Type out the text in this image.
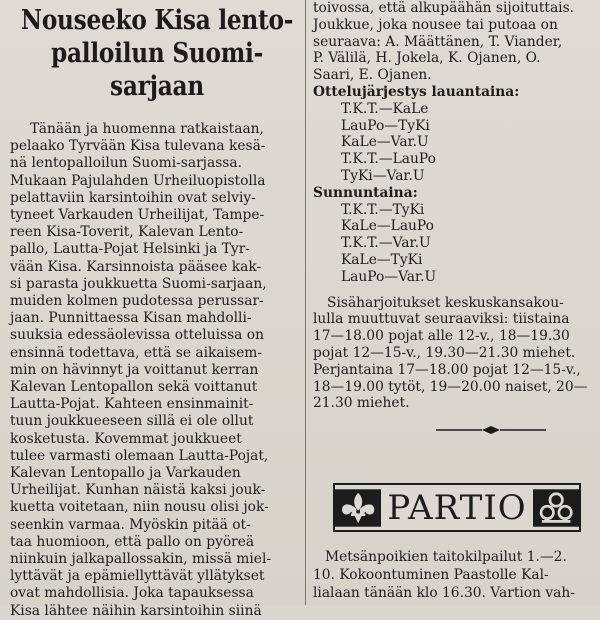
Nouseeko Kisa lento-
palloilun Suomi-sarjaan

Tänään ja huomenna ratkaistaan,

pelaako Tyrvään Kisa tulevana kesä-

nä lentopalloilun Suomi-sarjassa.

Mukaan Pajulahden Urheiluopistolla

pelattaviin karsintoihin ovat selviy-

tyneet Varkauden Urheilijat, Tampe-

reen Kisa-Toverit, Kalevan Lento-

pallo, Lautta-Pojat Helsinki ja Tyr-

vään Kisa. Karsinnoista pääsee kak-

si parasta joukkuetta Suomi-sarjaan,

muiden kolmen pudotessa perussar-

jaan. Punnittaessa Kisan mahdolli-

suuksia edessäolevissa otteluissa on

ensinnä todettava, että se aikaisem-

min on hävinnyt ja voittanut kerran

Kalevan Lentopallon sekä voittanut

Lautta-Pojat. Kahteen ensinmainit-

tuun joukkueeseen sillä ei ole ollut

kosketusta. Kovemmat joukkueet

tulee varmasti olemaan Lautta-Pojat,

Kalevan Lentopallo ja Varkauden

Urheilijat. Kunhan näistä kaksi jouk-

kuetta voitetaan, niin nousu olisi jok-

seenkin varmaa. Myöskin pitää ot-

taa huomioon, että pallo on pyöreä

niinkuin jalkapallossakin, missä miel-

lyttävät ja epämiellyttävät yllätykset

ovat mahdollisia. Joka tapauksessa

Kisa lähtee näihin karsintoihin siinä

toivossa, että alkupäähän sijoituttais.

Joukkue, joka nousee tai putoaa on

seuraava: A. Määttänen, T. Viander,

P. Välilä, H. Jokela, K. Ojanen, O.

Saari, E. Ojanen.

Ottelujärjestys lauantaina:
T.K.T.—KaLe
LauPo—TyKi
KaLe—Var.U
T.K.T.—LauPo
TyKi—Var.U
Sunnuntaina:
T.K.T.—TyKi
KaLe—LauPo
T.K.T.—Var.U
KaLe—TyKi
LauPo—Var.U

Sisäharjoitukset keskuskansakou-

lulla muuttuvat seuraaviksi: tiistaina

17—18.00 pojat alle 12-v., 18—19.30

pojat 12—15-v., 19.30—21.30 miehet.

Perjantaina 17—18.00 pojat 12—15-v.,

18—19.00 tytöt, 19—20.00 naiset, 20—

21.30 miehet.

PARTIO

Metsänpoikien taitokilpailut 1.—2.

10. Kokoontuminen Paastolle Kal-

lialaan tänään klo 16.30. Vartion vah-
